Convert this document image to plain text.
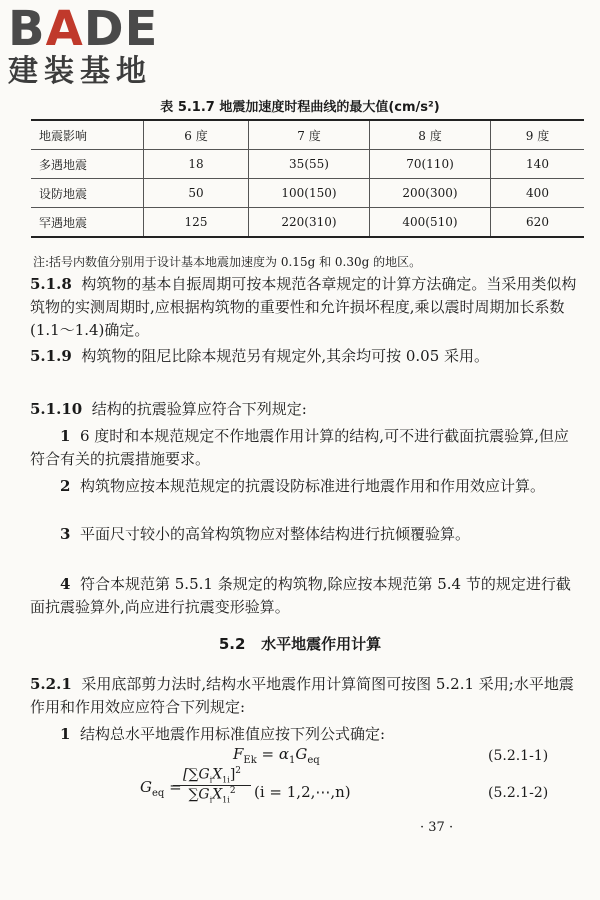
BADE
建装基地
表 5.1.7 地震加速度时程曲线的最大值(cm/s²)
地震影响	6 度	7 度	8 度	9 度
多遇地震	18	35(55)	70(110)	140
设防地震	50	100(150)	200(300)	400
罕遇地震	125	220(310)	400(510)	620
注:括号内数值分别用于设计基本地震加速度为 0.15g 和 0.30g 的地区。
5.1.8 构筑物的基本自振周期可按本规范各章规定的计算方法确定。当采用类似构筑物的实测周期时,应根据构筑物的重要性和允许损坏程度,乘以震时周期加长系数(1.1～1.4)确定。
5.1.9 构筑物的阻尼比除本规范另有规定外,其余均可按 0.05 采用。
5.1.10 结构的抗震验算应符合下列规定:
1 6 度时和本规范规定不作地震作用计算的结构,可不进行截面抗震验算,但应符合有关的抗震措施要求。
2 构筑物应按本规范规定的抗震设防标准进行地震作用和作用效应计算。
3 平面尺寸较小的高耸构筑物应对整体结构进行抗倾覆验算。
4 符合本规范第 5.5.1 条规定的构筑物,除应按本规范第 5.4 节的规定进行截面抗震验算外,尚应进行抗震变形验算。
5.2 水平地震作用计算
5.2.1 采用底部剪力法时,结构水平地震作用计算简图可按图 5.2.1 采用;水平地震作用和作用效应应符合下列规定:
1 结构总水平地震作用标准值应按下列公式确定:
$F_{Ek} = \alpha_1G_{eq}$	(5.2.1-1)
$G_{eq}$ =
$[\sum G_iX_{1i}]^2$
$\sum G_iX_{1i}^2$	(i = 1,2,⋯,n)	(5.2.1-2)
· 37 ·
